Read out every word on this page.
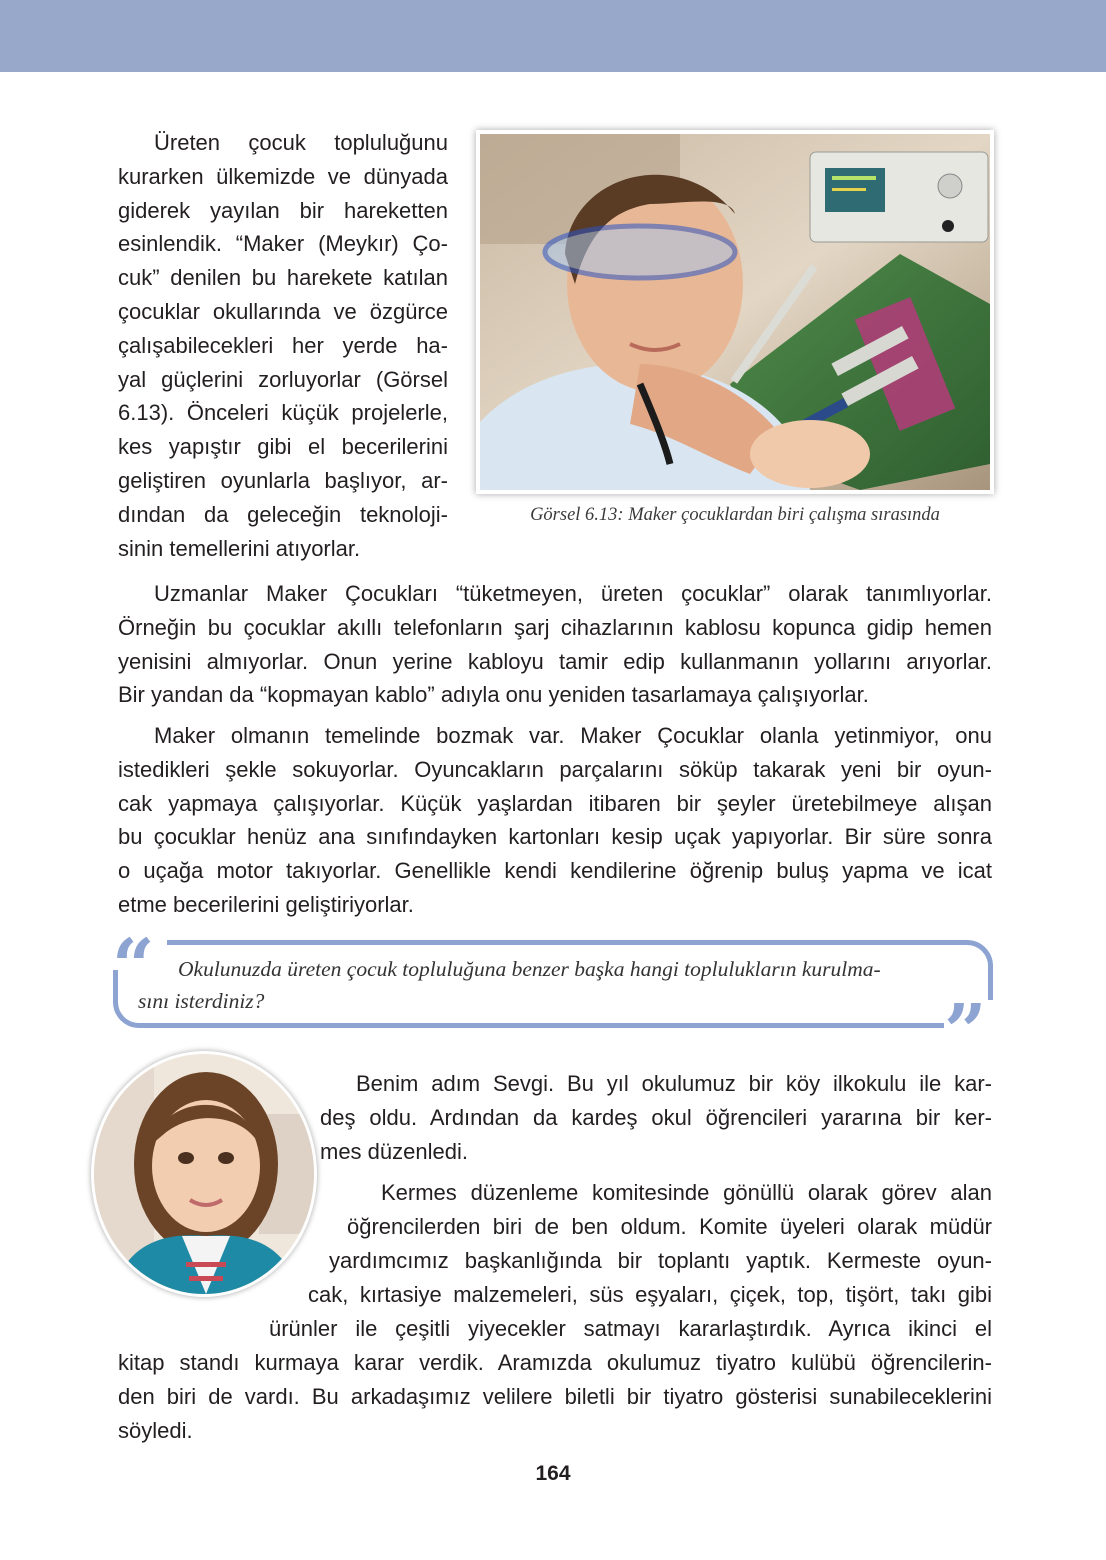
Üreten çocuk topluluğunu
kurarken ülkemizde ve dünyada
giderek yayılan bir hareketten
esinlendik. “Maker (Meykır) Ço-
cuk” denilen bu harekete katılan
çocuklar okullarında ve özgürce
çalışabilecekleri her yerde ha-
yal güçlerini zorluyorlar (Görsel
6.13). Önceleri küçük projelerle,
kes yapıştır gibi el becerilerini
geliştiren oyunlarla başlıyor, ar-
dından da geleceğin teknoloji-
sinin temellerini atıyorlar.
Görsel 6.13: Maker çocuklardan biri çalışma sırasında
Uzmanlar Maker Çocukları “tüketmeyen, üreten çocuklar” olarak tanımlıyorlar.
Örneğin bu çocuklar akıllı telefonların şarj cihazlarının kablosu kopunca gidip hemen
yenisini almıyorlar. Onun yerine kabloyu tamir edip kullanmanın yollarını arıyorlar.
Bir yandan da “kopmayan kablo” adıyla onu yeniden tasarlamaya çalışıyorlar.
Maker olmanın temelinde bozmak var. Maker Çocuklar olanla yetinmiyor, onu
istedikleri şekle sokuyorlar. Oyuncakların parçalarını söküp takarak yeni bir oyun-
cak yapmaya çalışıyorlar. Küçük yaşlardan itibaren bir şeyler üretebilmeye alışan
bu çocuklar henüz ana sınıfındayken kartonları kesip uçak yapıyorlar. Bir süre sonra
o uçağa motor takıyorlar. Genellikle kendi kendilerine öğrenip buluş yapma ve icat
etme becerilerini geliştiriyorlar.
“
”
Okulunuzda üreten çocuk topluluğuna benzer başka hangi toplulukların kurulma-
sını isterdiniz?
Benim adım Sevgi. Bu yıl okulumuz bir köy ilkokulu ile kar-
deş oldu. Ardından da kardeş okul öğrencileri yararına bir ker-
mes düzenledi.
Kermes düzenleme komitesinde gönüllü olarak görev alan
öğrencilerden biri de ben oldum. Komite üyeleri olarak müdür
yardımcımız başkanlığında bir toplantı yaptık. Kermeste oyun-
cak, kırtasiye malzemeleri, süs eşyaları, çiçek, top, tişört, takı gibi
ürünler ile çeşitli yiyecekler satmayı kararlaştırdık. Ayrıca ikinci el
kitap standı kurmaya karar verdik. Aramızda okulumuz tiyatro kulübü öğrencilerin-
den biri de vardı. Bu arkadaşımız velilere biletli bir tiyatro gösterisi sunabileceklerini
söyledi.
164
